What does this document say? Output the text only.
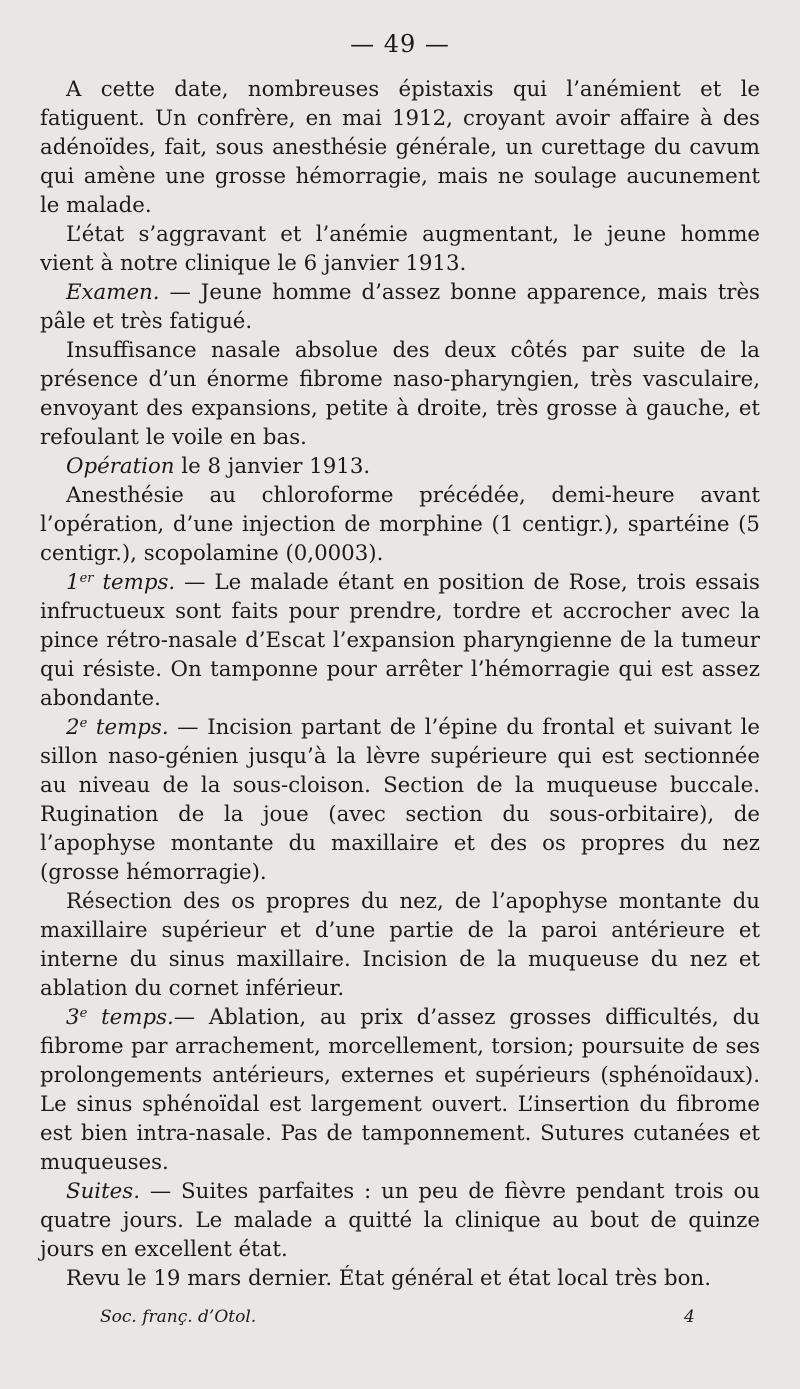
— 49 —

A cette date, nombreuses épistaxis qui l’anémient et le fatiguent. Un confrère, en mai 1912, croyant avoir affaire à des adénoïdes, fait, sous anesthésie générale, un curettage du cavum qui amène une grosse hémorragie, mais ne soulage aucunement le malade.

L’état s’aggravant et l’anémie augmentant, le jeune homme vient à notre clinique le 6 janvier 1913.

Examen. — Jeune homme d’assez bonne apparence, mais très pâle et très fatigué.

Insuffisance nasale absolue des deux côtés par suite de la présence d’un énorme fibrome naso-pharyngien, très vasculaire, envoyant des expansions, petite à droite, très grosse à gauche, et refoulant le voile en bas.

Opération le 8 janvier 1913.

Anesthésie au chloroforme précédée, demi-heure avant l’opération, d’une injection de morphine (1 centigr.), spartéine (5 centigr.), scopolamine (0,0003).

1er temps. — Le malade étant en position de Rose, trois essais infructueux sont faits pour prendre, tordre et accrocher avec la pince rétro-nasale d’Escat l’expansion pharyngienne de la tumeur qui résiste. On tamponne pour arrêter l’hémorragie qui est assez abondante.

2e temps. — Incision partant de l’épine du frontal et suivant le sillon naso-génien jusqu’à la lèvre supérieure qui est sectionnée au niveau de la sous-cloison. Section de la muqueuse buccale. Rugination de la joue (avec section du sous-orbitaire), de l’apophyse montante du maxillaire et des os propres du nez (grosse hémorragie).

Résection des os propres du nez, de l’apophyse montante du maxillaire supérieur et d’une partie de la paroi antérieure et interne du sinus maxillaire. Incision de la muqueuse du nez et ablation du cornet inférieur.

3e temps.— Ablation, au prix d’assez grosses difficultés, du fibrome par arrachement, morcellement, torsion; poursuite de ses prolongements antérieurs, externes et supérieurs (sphénoïdaux). Le sinus sphénoïdal est largement ouvert. L’insertion du fibrome est bien intra-nasale. Pas de tamponnement. Sutures cutanées et muqueuses.

Suites. — Suites parfaites : un peu de fièvre pendant trois ou quatre jours. Le malade a quitté la clinique au bout de quinze jours en excellent état.

Revu le 19 mars dernier. État général et état local très bon.

Soc. franç. d’Otol.	4
